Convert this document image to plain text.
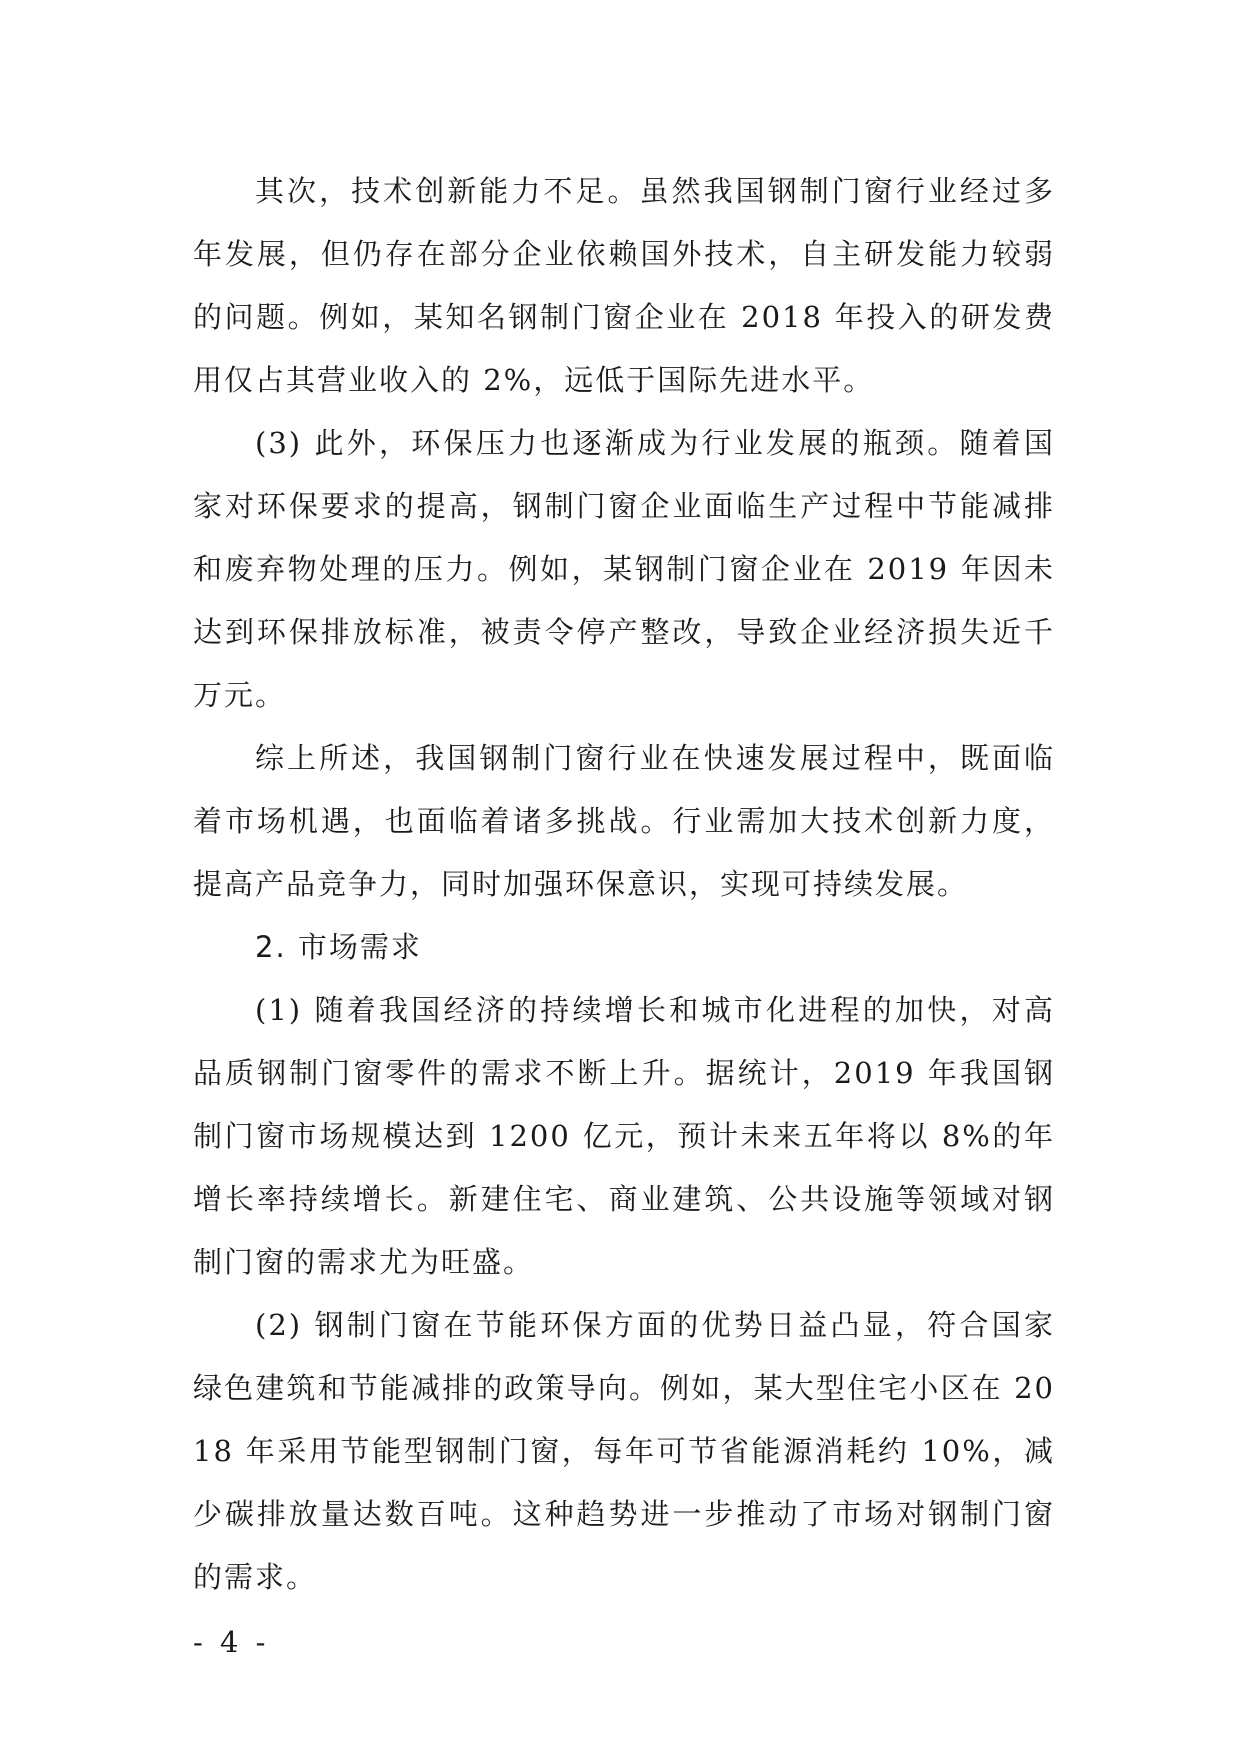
其次，技术创新能力不足。虽然我国钢制门窗行业经过多年发展，但仍存在部分企业依赖国外技术，自主研发能力较弱的问题。例如，某知名钢制门窗企业在 2018 年投入的研发费用仅占其营业收入的 2%，远低于国际先进水平。

(3) 此外，环保压力也逐渐成为行业发展的瓶颈。随着国家对环保要求的提高，钢制门窗企业面临生产过程中节能减排和废弃物处理的压力。例如，某钢制门窗企业在 2019 年因未达到环保排放标准，被责令停产整改，导致企业经济损失近千万元。

综上所述，我国钢制门窗行业在快速发展过程中，既面临着市场机遇，也面临着诸多挑战。行业需加大技术创新力度，提高产品竞争力，同时加强环保意识，实现可持续发展。

2. 市场需求

(1) 随着我国经济的持续增长和城市化进程的加快，对高品质钢制门窗零件的需求不断上升。据统计，2019 年我国钢制门窗市场规模达到 1200 亿元，预计未来五年将以 8%的年增长率持续增长。新建住宅、商业建筑、公共设施等领域对钢制门窗的需求尤为旺盛。

(2) 钢制门窗在节能环保方面的优势日益凸显，符合国家绿色建筑和节能减排的政策导向。例如，某大型住宅小区在 2018 年采用节能型钢制门窗，每年可节省能源消耗约 10%，减少碳排放量达数百吨。这种趋势进一步推动了市场对钢制门窗的需求。

- 4 -
